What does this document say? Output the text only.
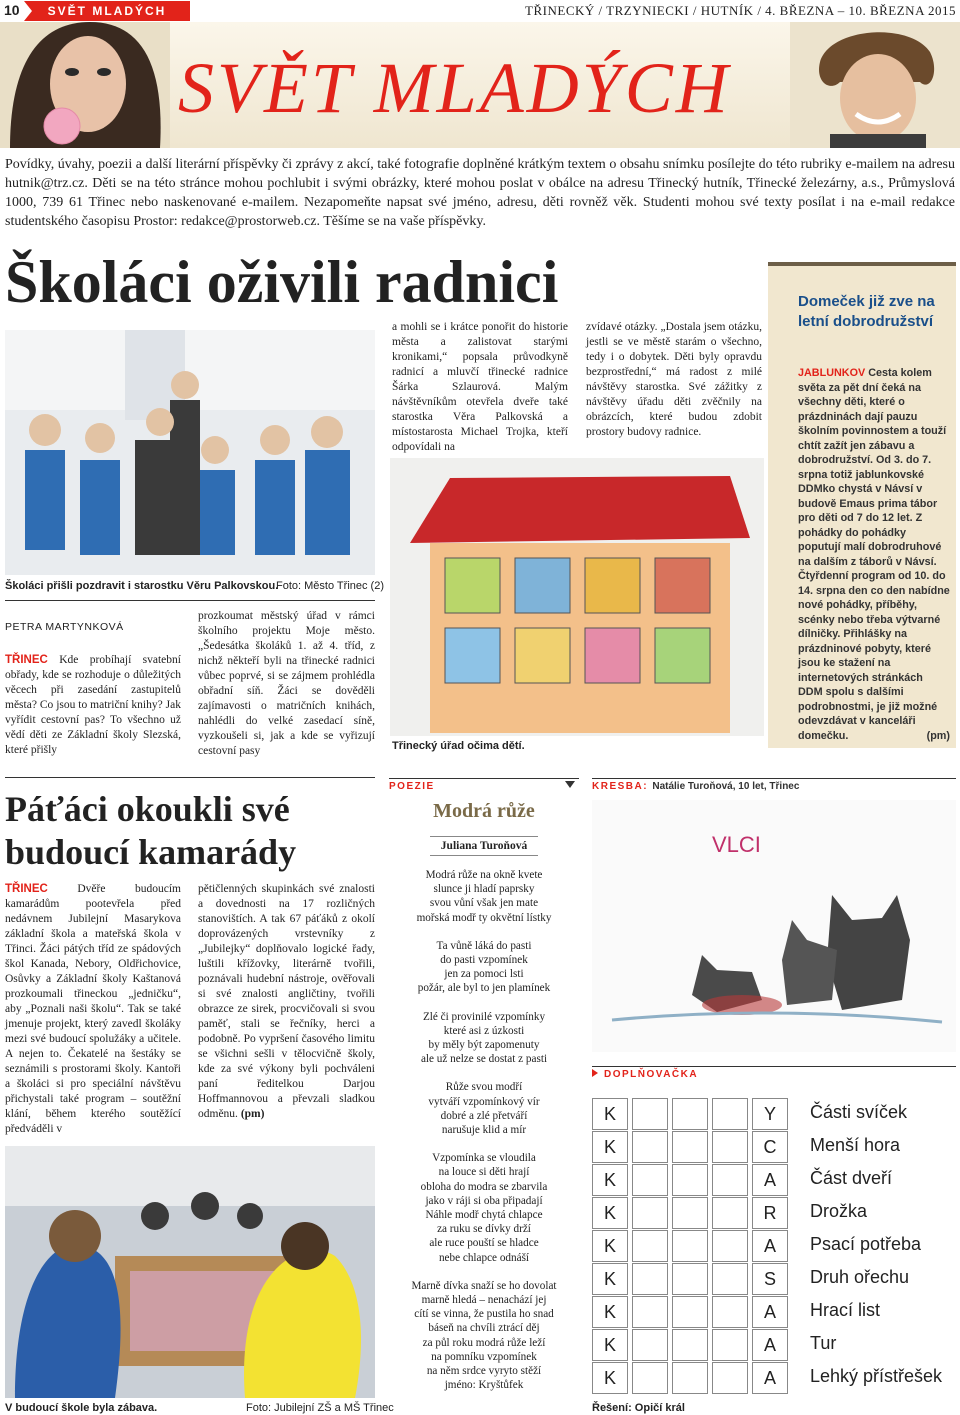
10 SVĚT MLADÝCH	TŘINECKÝ / TRZYNIECKI / HUTNÍK / 4. BŘEZNA – 10. BŘEZNA 2015
SVĚT MLADÝCH
Povídky, úvahy, poezii a další literární příspěvky či zprávy z akcí, také fotografie doplněné krátkým textem o obsahu snímku posílejte do této rubriky e-mailem na adresu hutnik@trz.cz. Děti se na této stránce mohou pochlubit i svými obrázky, které mohou poslat v obálce na adresu Třinecký hutník, Třinecké železárny, a.s., Průmyslová 1000, 739 61 Třinec nebo naskenované e-mailem. Nezapomeňte napsat své jméno, adresu, děti rovněž věk. Studenti mohou své texty posílat i na e-mail redakce studentského časopisu Prostor: redakce@prostorweb.cz. Těšíme se na vaše příspěvky.
Školáci oživili radnici
Školáci přišli pozdravit i starostku Věru Palkovskou.
Foto: Město Třinec (2)
PETRA MARTYNKOVÁ
TŘINEC Kde probíhají svatební obřady, kde se rozhoduje o důležitých věcech při zasedání zastupitelů města? Co jsou to matriční knihy? Jak vyřídit cestovní pas? To všechno už vědí děti ze Základní školy Slezská, které přišly
prozkoumat městský úřad v rámci školního projektu Moje město. „Šedesátka školáků 1. až 4. tříd, z nichž někteří byli na třinecké radnici vůbec poprvé, si se zájmem prohlédla obřadní síň. Žáci se dověděli zajímavosti o matričních knihách, nahlédli do velké zasedací síně, vyzkoušeli si, jak a kde se vyřizují cestovní pasy
a mohli se i krátce ponořit do historie města a zalistovat starými kronikami,“ popsala průvodkyně radnicí a mluvčí třinecké radnice Šárka Szlaurová. Malým návštěvníkům otevřela dveře také starostka Věra Palkovská a místostarosta Michael Trojka, kteří odpovídali na
zvídavé otázky. „Dostala jsem otázku, jestli se ve městě starám o všechno, tedy i o dobytek. Děti byly opravdu bezprostřední,“ má radost z milé návštěvy starostka. Své zážitky z návštěvy úřadu děti zvěčnily na obrázcích, které budou zdobit prostory budovy radnice.
Třinecký úřad očima dětí.
Domeček již zve na letní dobrodružství
JABLUNKOV Cesta kolem světa za pět dní čeká na všechny děti, které o prázdninách dají pauzu školním povinnostem a touží chtít zažít jen zábavu a dobrodružství. Od 3. do 7. srpna totiž jablunkovské DDMko chystá v Návsí v budově Emaus prima tábor pro děti od 7 do 12 let. Z pohádky do pohádky poputují malí dobrodruhové na dalším z táborů v Návsí. Čtyřdenní program od 10. do 14. srpna den co den nabídne nové pohádky, příběhy, scénky nebo třeba výtvarné dílničky. Přihlášky na prázdninové pobyty, které jsou ke stažení na internetových stránkách DDM spolu s dalšími podrobnostmi, je již možné odevzdávat v kanceláři domečku.	(pm)
Páťáci okoukli své budoucí kamarády
TŘINEC	Dvěře budoucím kamarádům pootevřela před nedávnem Jubilejní Masarykova základní škola a mateřská škola v Třinci. Žáci pátých tříd ze spádových škol Kanada, Nebory, Oldřichovice, Osůvky a Základní školy Kaštanová prozkoumali třineckou „jedničku“, aby „Poznali naši školu“. Tak se také jmenuje projekt, který zavedl školáky mezi své budoucí spolužáky a učitele. A nejen to. Čekatelé na šestáky se seznámili s prostorami školy. Kantoři a školáci si pro speciální návštěvu přichystali také program – soutěžní klání, během kterého soutěžící předváděli v
pětičlenných skupinkách své znalosti a dovednosti na 17 rozličných stanovištích. A tak 67 páťáků z okolí doprovázených vrstevníky z „Jubilejky“ doplňovalo logické řady, luštili křížovky, literárně tvořili, poznávali hudební nástroje, ověřovali si své znalosti angličtiny, tvořili obrazce ze sirek, procvičovali si svou paměť, stali se řečníky, herci a podobně. Po vypršení časového limitu se všichni sešli v tělocvičně školy, kde za své výkony byli pochváleni paní ředitelkou Darjou Hoffmannovou a převzali sladkou odměnu. (pm)
V budoucí škole byla zábava.	Foto: Jubilejní ZŠ a MŠ Třinec
POEZIE
Modrá růže
Juliana Turoňová

Modrá růže na okně kvete
slunce ji hladí paprsky
svou vůní však jen mate
mořská modř ty okvětní lístky

Ta vůně láká do pasti
do pasti vzpomínek
jen za pomoci lsti
požár, ale byl to jen plamínek

Zlé či provinilé vzpomínky
které asi z úzkosti
by měly být zapomenuty
ale už nelze se dostat z pasti

Růže svou modří
vytváří vzpomínkový vír
dobré a zlé přetváří
narušuje klid a mír

Vzpomínka se vloudila
na louce si děti hrají
obloha do modra se zbarvila
jako v ráji si oba připadají
Náhle modř chytá chlapce
za ruku se dívky drží
ale ruce pouští se hladce
nebe chlapce odnáší

Marně dívka snaží se ho dovolat
marně hledá – nenachází jej
cítí se vinna, že pustila ho snad
báseň na chvíli ztrácí děj
za půl roku modrá růže leží
na pomníku vzpomínek
na něm srdce vyryto stěží
jméno: Kryštůfek

KRESBA: Natálie Turoňová, 10 let, Třinec
VLCI
DOPLŇOVAČKA
K	Y	Části svíček
K	C	Menší hora
K	A	Část dveří
K	R	Drožka
K	A	Psací potřeba
K	S	Druh ořechu
K	A	Hrací list
K	A	Tur
K	A	Lehký přístřešek
Řešení: Opičí král
